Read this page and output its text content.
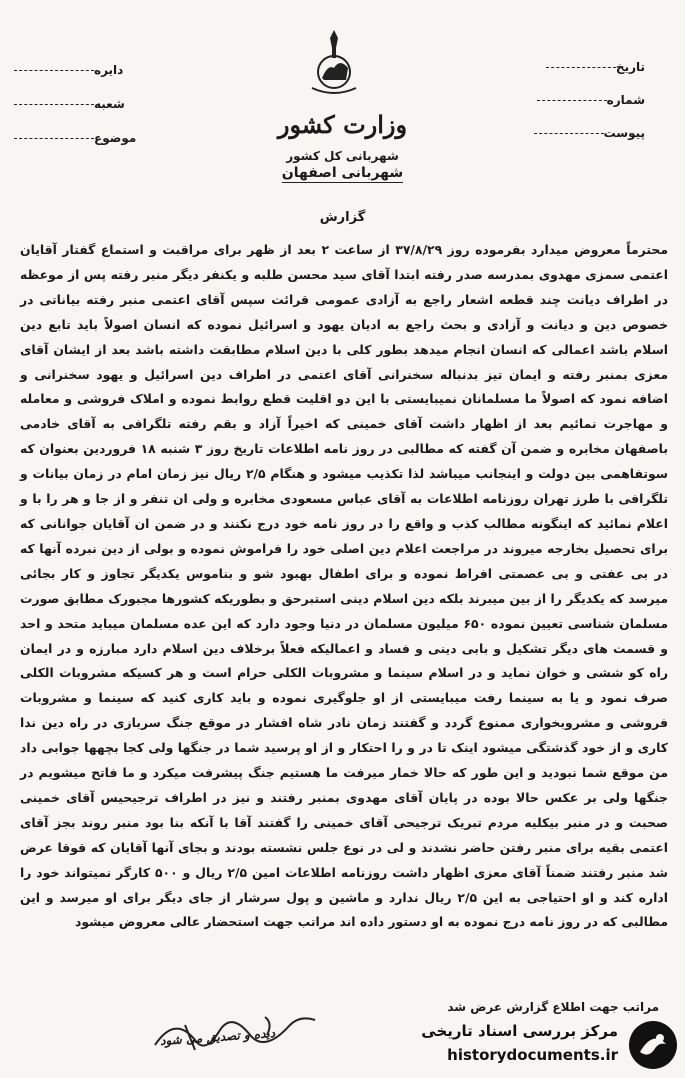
تاریخ
شماره
پیوست
دایره
شعبه
موضوع	وزارت کشور
شهربانی کل کشور
شهربانی اصفهان
گزارش
محترماً معروض میدارد بفرموده روز ۳۷/۸/۲۹ از ساعت ۲ بعد از ظهر برای مراقبت و استماع گفتار آقایان اعتمی سمزی مهدوی بمدرسه صدر رفته ابتدا آقای سید محسن طلبه و یکنفر دیگر منبر رفته پس از موعظه در اطراف دیانت چند قطعه اشعار راجع به آزادی عمومی قرائت سپس آقای اعتمی منبر رفته بیاناتی در خصوص دین و دیانت و آزادی و بحث راجع به ادیان یهود و اسرائیل نموده که انسان اصولاً باید تابع دین اسلام باشد اعمالی که انسان انجام میدهد بطور کلی با دین اسلام مطابقت داشته باشد بعد از ایشان آقای معزی بمنبر رفته و ایمان تیز بدنباله سخنرانی آقای اعتمی در اطراف دین اسرائیل و یهود سخنرانی و اضافه نمود که اصولاً ما مسلمانان نمیبایستی با این دو اقلیت قطع روابط نموده و املاک فروشی و معامله و مهاجرت نمائیم بعد از اظهار داشت آقای خمینی که اخیراً آزاد و بقم رفته تلگرافی به آقای خادمی باصفهان مخابره و ضمن آن گفته که مطالبی در روز نامه اطلاعات تاریخ روز ۳ شنبه ۱۸ فروردین بعنوان که سوتفاهمی بین دولت و اینجانب میباشد لذا تکذیب میشود و هنگام ۲/۵ ریال نیز زمان امام در زمان بیانات و تلگرافی با طرز تهران روزنامه اطلاعات به آقای عباس مسعودی مخابره و ولی ان تنفر و از جا و هر را با و اعلام نمائید که اینگونه مطالب کذب و واقع را در روز نامه خود درج نکنند و در ضمن ان آقایان جوانانی که برای تحصیل بخارجه میروند در مراجعت اعلام دین اصلی خود را فراموش نموده و بولی از دین نبرده آنها که در بی عفتی و بی عصمتی افراط نموده و برای اطفال بهبود شو و بناموس یکدیگر تجاوز و کار بجائی میرسد که یکدیگر را از بین میبرند بلکه دین اسلام دینی استبرحق و بطوریکه کشورها مجبورک مطابق صورت مسلمان شناسی تعیین نموده ۶۵۰ میلیون مسلمان در دنیا وجود دارد که این عده مسلمان میباید متحد و احد و قسمت های دیگر تشکیل و بابی دینی و فساد و اعمالیکه فعلاً برخلاف دین اسلام دارد مبارزه و در ایمان راه کو ششی و خوان نماید و در اسلام سینما و مشروبات الکلی حرام است و هر کسیکه مشروبات الکلی صرف نمود و یا به سینما رفت میبایستی از او جلوگیری نموده و باید کاری کنید که سینما و مشروبات فروشی و مشروبخواری ممنوع گردد و گفتند زمان نادر شاه افشار در موقع جنگ سربازی در راه دین ندا کاری و از خود گذشتگی میشود اینک تا در و را احتکار و از او پرسید شما در جنگها ولی کجا بچهها جوابی داد من موقع شما نبودید و این طور که حالا خمار میرفت ما هستیم جنگ پیشرفت میکرد و ما فاتح میشویم در جنگها ولی بر عکس حالا بوده در پایان آقای مهدوی بمنبر رفتند و نیز در اطراف ترجیحیس آقای خمینی صحبت و در منبر بیکلیه مردم تبریک ترجیحی آقای خمینی را گفتند آقا با آنکه بنا بود منبر روند بجز آقای اعتمی بقیه برای منبر رفتن حاضر نشدند و لی در نوع جلس نشسته بودند و بجای آنها آقایان که قوقا عرض شد منبر رفتند ضمناً آقای معزی اظهار داشت روزنامه اطلاعات امین ۲/۵ ریال و ۵۰۰ کارگر نمیتواند خود را اداره کند و او احتیاجی به این ۲/۵ ریال ندارد و ماشین و پول سرشار از جای دیگر برای او میرسد و این مطالبی که در روز نامه درج نموده به او دستور داده اند مراتب جهت استحضار عالی معروض میشود
مراتب جهت اطلاع گزارش عرض شد
دیده و تصدیق می شود	مرکز بررسی اسناد تاریخی
historydocuments.ir
